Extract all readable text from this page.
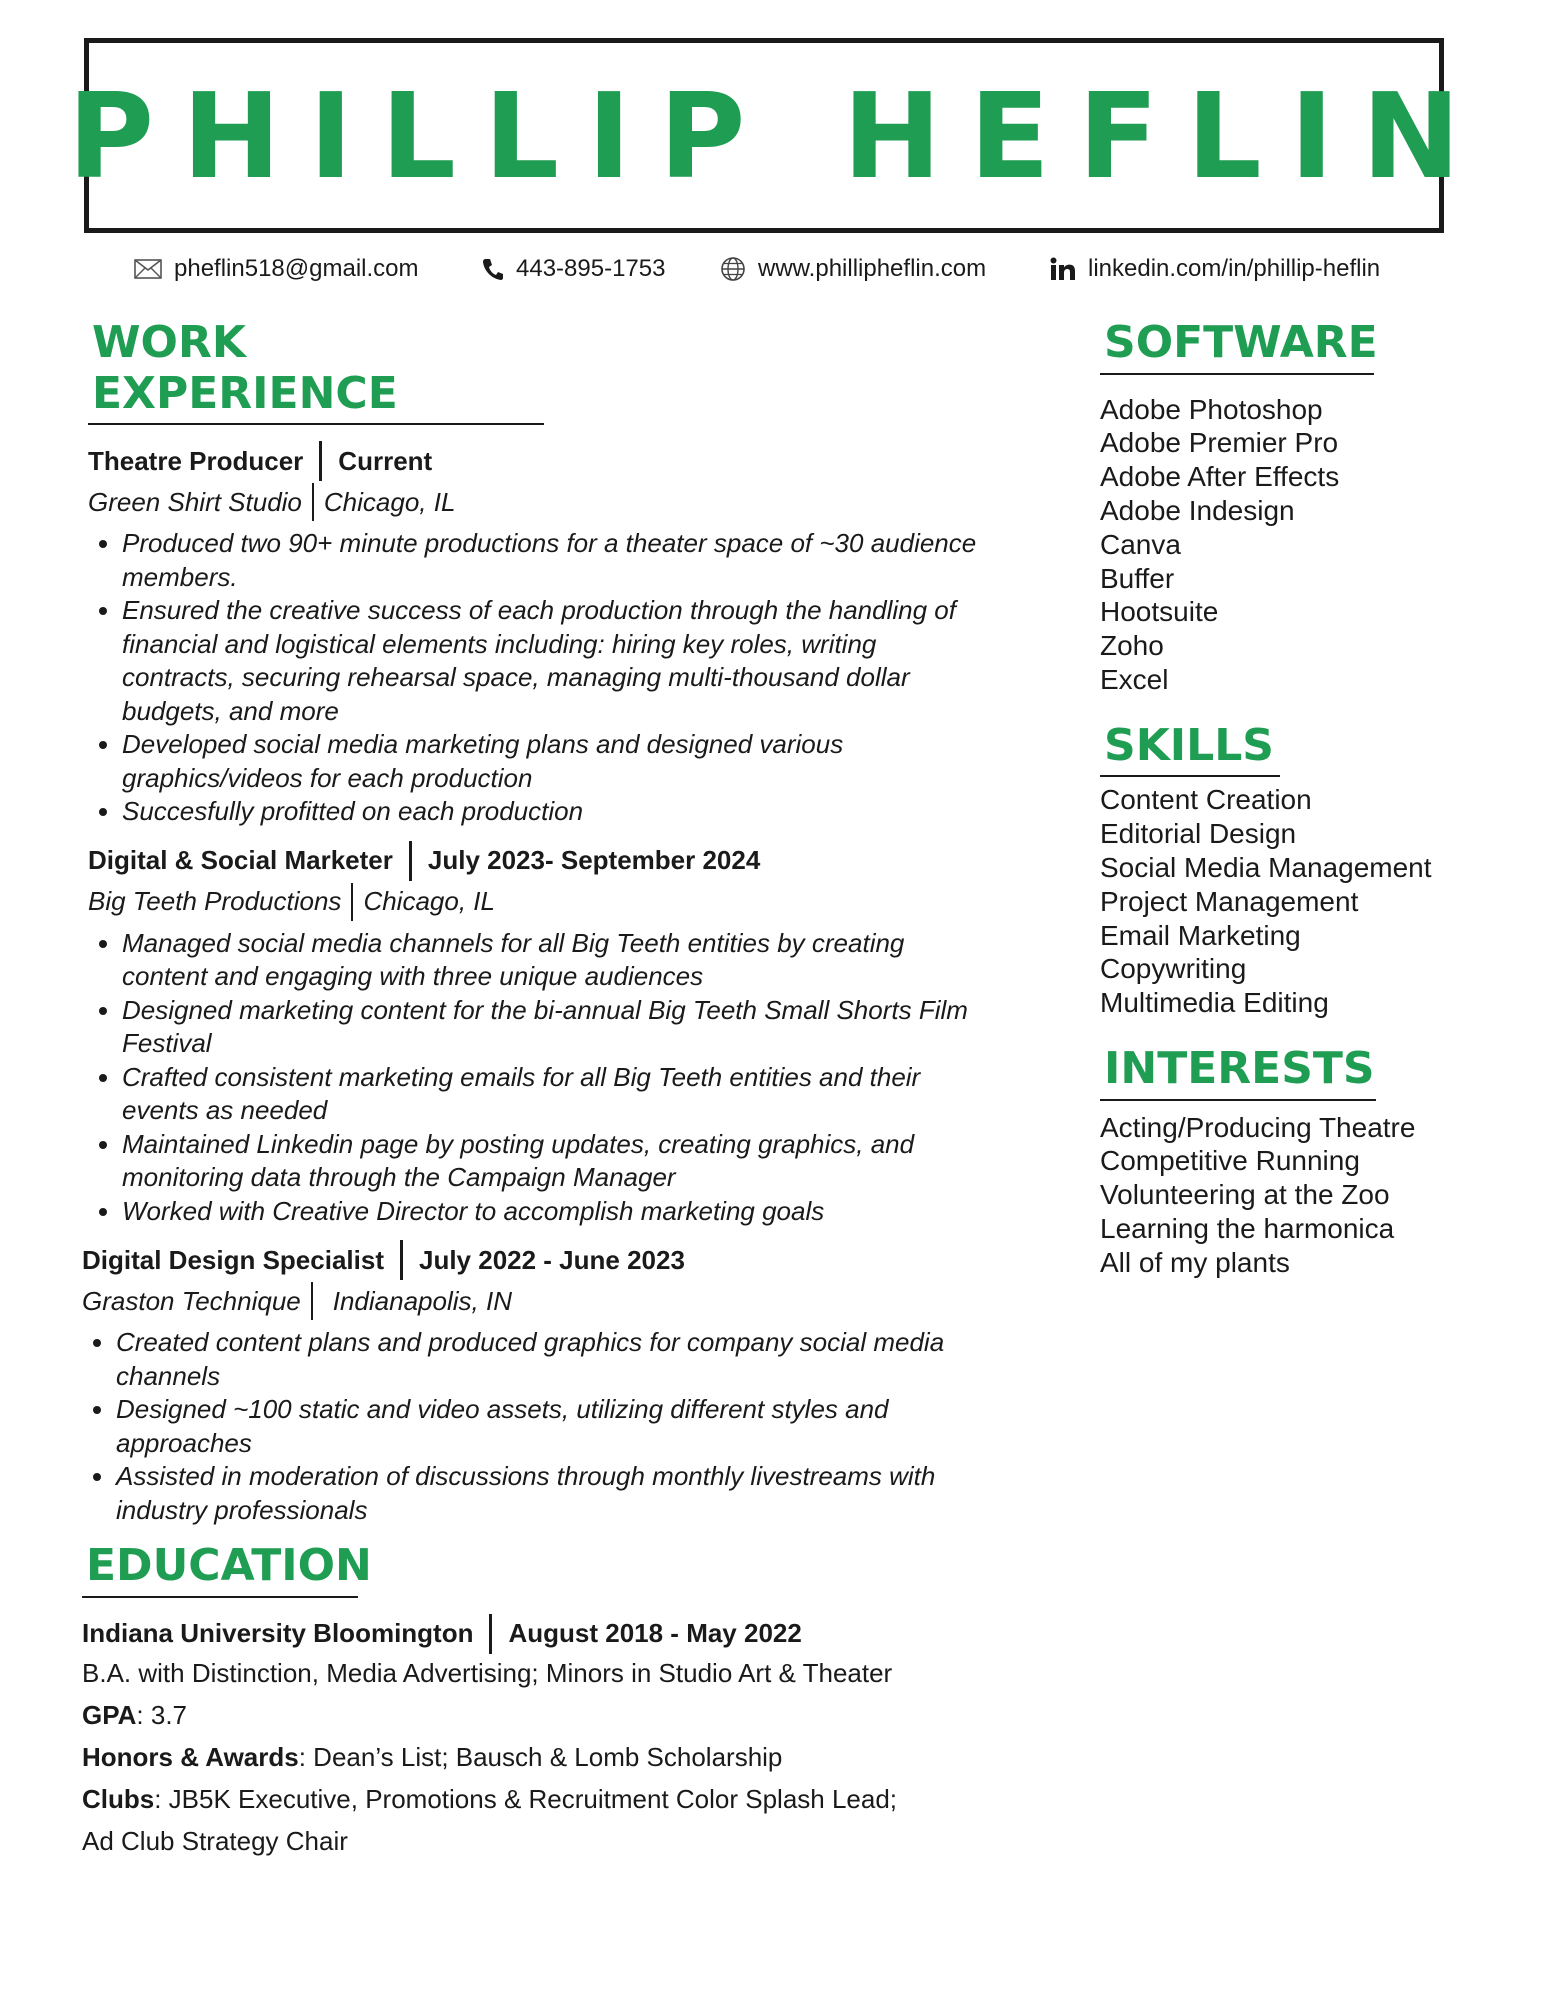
PHILLIP HEFLIN
pheflin518@gmail.com	443-895-1753	www.phillipheflin.com	linkedin.com/in/phillip-heflin
WORK EXPERIENCE
Theatre Producer Current
Green Shirt Studio Chicago, IL
• Produced two 90+ minute productions for a theater space of ~30 audience members.
• Ensured the creative success of each production through the handling of financial and logistical elements including: hiring key roles, writing contracts, securing rehearsal space, managing multi-thousand dollar budgets, and more
• Developed social media marketing plans and designed various graphics/videos for each production
• Succesfully profitted on each production
Digital & Social Marketer July 2023- September 2024
Big Teeth Productions Chicago, IL
• Managed social media channels for all Big Teeth entities by creating content and engaging with three unique audiences
• Designed marketing content for the bi-annual Big Teeth Small Shorts Film Festival
• Crafted consistent marketing emails for all Big Teeth entities and their events as needed
• Maintained Linkedin page by posting updates, creating graphics, and monitoring data through the Campaign Manager
• Worked with Creative Director to accomplish marketing goals
Digital Design Specialist July 2022 - June 2023
Graston Technique Indianapolis, IN
• Created content plans and produced graphics for company social media channels
• Designed ~100 static and video assets, utilizing different styles and approaches
• Assisted in moderation of discussions through monthly livestreams with industry professionals
EDUCATION
Indiana University Bloomington August 2018 - May 2022
B.A. with Distinction, Media Advertising; Minors in Studio Art & Theater
GPA: 3.7
Honors & Awards: Dean’s List; Bausch & Lomb Scholarship
Clubs: JB5K Executive, Promotions & Recruitment Color Splash Lead;
Ad Club Strategy Chair
SOFTWARE
Adobe Photoshop
Adobe Premier Pro
Adobe After Effects
Adobe Indesign
Canva
Buffer
Hootsuite
Zoho
Excel
SKILLS
Content Creation
Editorial Design
Social Media Management
Project Management
Email Marketing
Copywriting
Multimedia Editing
INTERESTS
Acting/Producing Theatre
Competitive Running
Volunteering at the Zoo
Learning the harmonica
All of my plants
